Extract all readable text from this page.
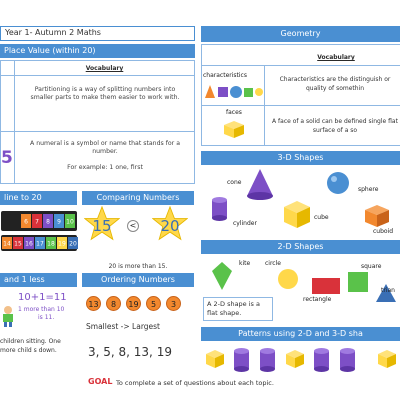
Year 1- Autumn 2 Maths
Place Value (within 20)
Vocabulary
Partitioning is a way of splitting numbers into smaller parts to make them easier to work with.
A numeral is a symbol or name that stands for a number.
For example: 1 one, first
5
line to 20
6 7 8 9 10
14 15 16 17 18 19 20
Comparing Numbers
15	< 20
20 is more than 15.
and 1 less
10+1=11
1 more than 10
is 11.
children sitting. One more child s down.
Ordering Numbers
13	8	19	5	3
Smallest -> Largest
3, 5, 8, 13, 19
Geometry
Vocabulary
characteristics
Characteristics are the distinguish or quality of somethin
faces
A face of a solid can be defined single flat surface of a so
3-D Shapes
cone
cylinder
cube
sphere
cuboid
2-D Shapes
kite circle	square
rectangle
trian
A 2-D shape is a flat shape.
Patterns using 2-D and 3-D sha
GOAL To complete a set of questions about each topic.
